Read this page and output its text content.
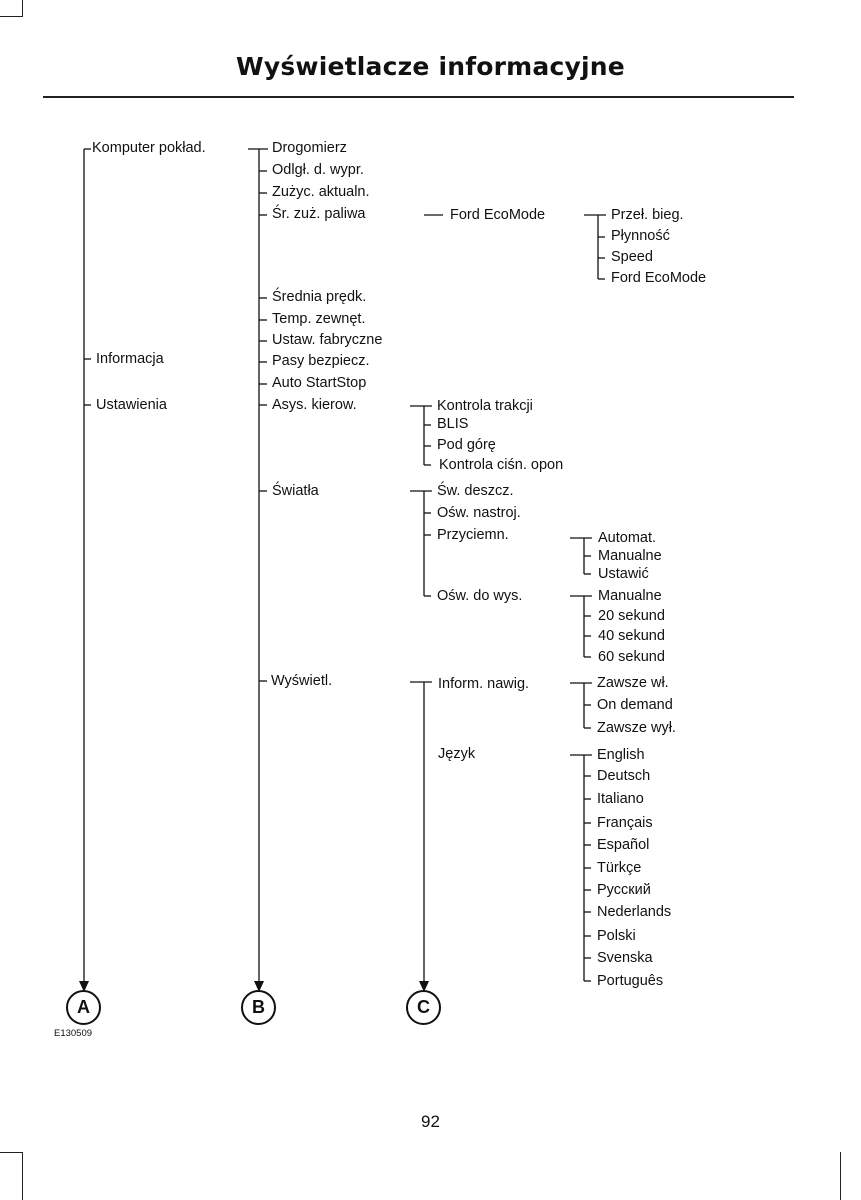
Wyświetlacze informacyjne
Komputer pokład.
Informacja
Ustawienia
Drogomierz
Odlgł. d. wypr.
Zużyc. aktualn.
Śr. zuż. paliwa
Średnia prędk.
Temp. zewnęt.
Ustaw. fabryczne
Pasy bezpiecz.
Auto StartStop
Asys. kierow.
Światła
Wyświetl.
Ford EcoMode	Przeł. bieg.
Płynność
Speed
Ford EcoMode
Kontrola trakcji
BLIS
Pod górę
Kontrola ciśn. opon
Św. deszcz.
Ośw. nastroj.
Przyciemn.
Ośw. do wys.
Automat.
Manualne
Ustawić
Manualne
20 sekund
40 sekund
60 sekund
Inform. nawig.
Język
Zawsze wł.
On demand
Zawsze wył.
English
Deutsch
Italiano
Français
Español
Türkçe
Русский
Nederlands
Polski
Svenska
Português
A	B	C
E130509
92
